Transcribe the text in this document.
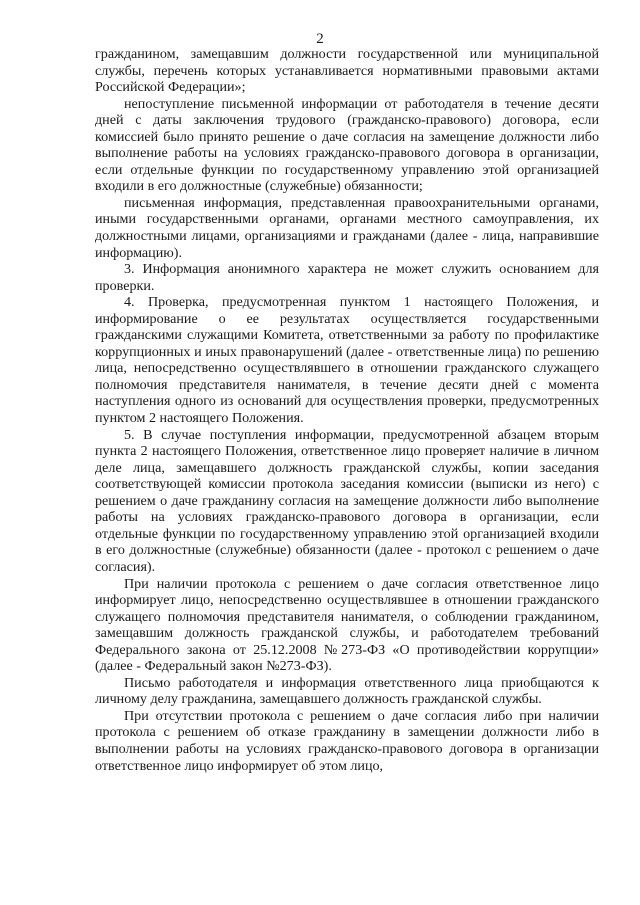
2

гражданином, замещавшим должности государственной или муниципальной службы, перечень которых устанавливается нормативными правовыми актами Российской Федерации»;

непоступление письменной информации от работодателя в течение десяти дней с даты заключения трудового (гражданско-правового) договора, если комиссией было принято решение о даче согласия на замещение должности либо выполнение работы на условиях гражданско-правового договора в организации, если отдельные функции по государственному управлению этой организацией входили в его должностные (служебные) обязанности;

письменная информация, представленная правоохранительными органами, иными государственными органами, органами местного самоуправления, их должностными лицами, организациями и гражданами (далее - лица, направившие информацию).

3. Информация анонимного характера не может служить основанием для проверки.

4. Проверка, предусмотренная пунктом 1 настоящего Положения, и информирование о ее результатах осуществляется государственными гражданскими служащими Комитета, ответственными за работу по профилактике коррупционных и иных правонарушений (далее - ответственные лица) по решению лица, непосредственно осуществлявшего в отношении гражданского служащего полномочия представителя нанимателя, в течение десяти дней с момента наступления одного из оснований для осуществления проверки, предусмотренных пунктом 2 настоящего Положения.

5. В случае поступления информации, предусмотренной абзацем вторым пункта 2 настоящего Положения, ответственное лицо проверяет наличие в личном деле лица, замещавшего должность гражданской службы, копии заседания соответствующей комиссии протокола заседания комиссии (выписки из него) с решением о даче гражданину согласия на замещение должности либо выполнение работы на условиях гражданско-правового договора в организации, если отдельные функции по государственному управлению этой организацией входили в его должностные (служебные) обязанности (далее - протокол с решением о даче согласия).

При наличии протокола с решением о даче согласия ответственное лицо информирует лицо, непосредственно осуществлявшее в отношении гражданского служащего полномочия представителя нанимателя, о соблюдении гражданином, замещавшим должность гражданской службы, и работодателем требований Федерального закона от 25.12.2008 №273-ФЗ «О противодействии коррупции» (далее - Федеральный закон №273-ФЗ).

Письмо работодателя и информация ответственного лица приобщаются к личному делу гражданина, замещавшего должность гражданской службы.

При отсутствии протокола с решением о даче согласия либо при наличии протокола с решением об отказе гражданину в замещении должности либо в выполнении работы на условиях гражданско-правового договора в организации ответственное лицо информирует об этом лицо,
